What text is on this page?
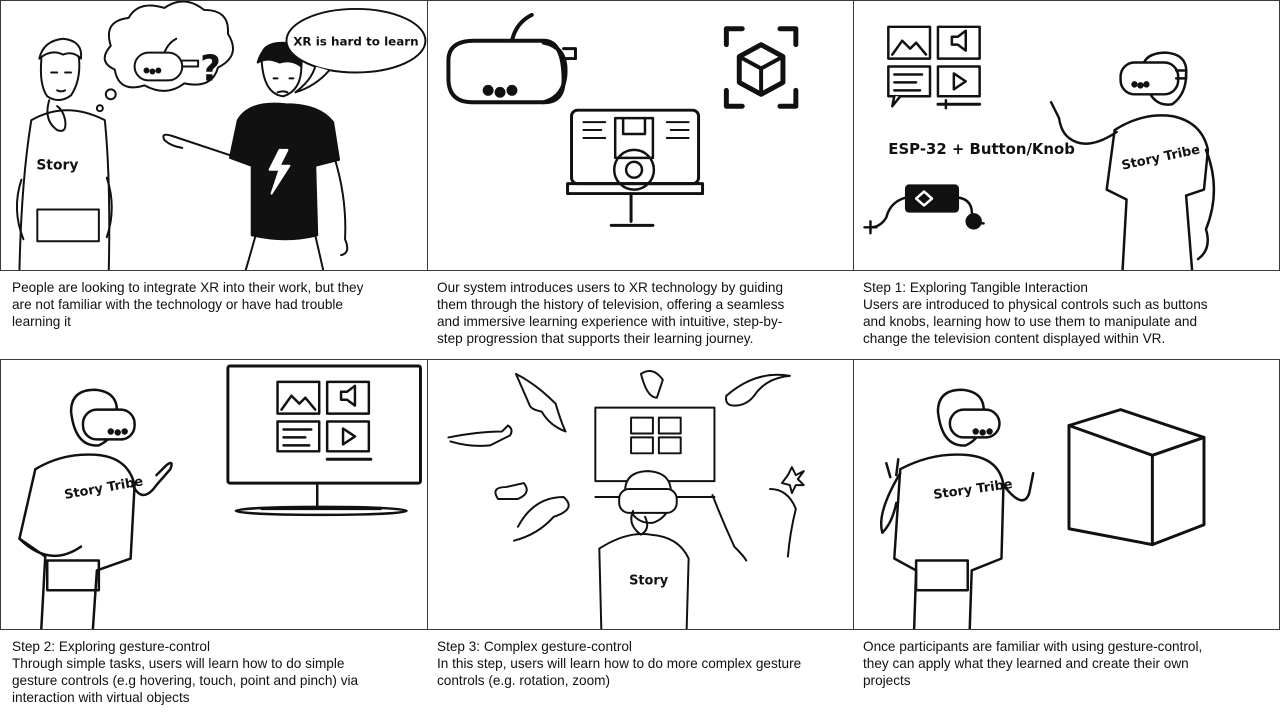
Story
?
XR is hard to learn
People are looking to integrate XR into their work, but they
are not familiar with the technology or have had trouble
learning it
Our system introduces users to XR technology by guiding
them through the history of television, offering a seamless
and immersive learning experience with intuitive, step-by-
step progression that supports their learning journey.
ESP-32 + Button/Knob	Story Tribe
Step 1: Exploring Tangible Interaction
Users are introduced to physical controls such as buttons
and knobs, learning how to use them to manipulate and
change the television content displayed within VR.
Story Tribe
Step 2: Exploring gesture-control
Through simple tasks, users will learn how to do simple
gesture controls (e.g hovering, touch, point and pinch) via
interaction with virtual objects
Story
Step 3: Complex gesture-control
In this step, users will learn how to do more complex gesture
controls (e.g. rotation, zoom)
Story Tribe
Once participants are familiar with using gesture-control,
they can apply what they learned and create their own
projects
